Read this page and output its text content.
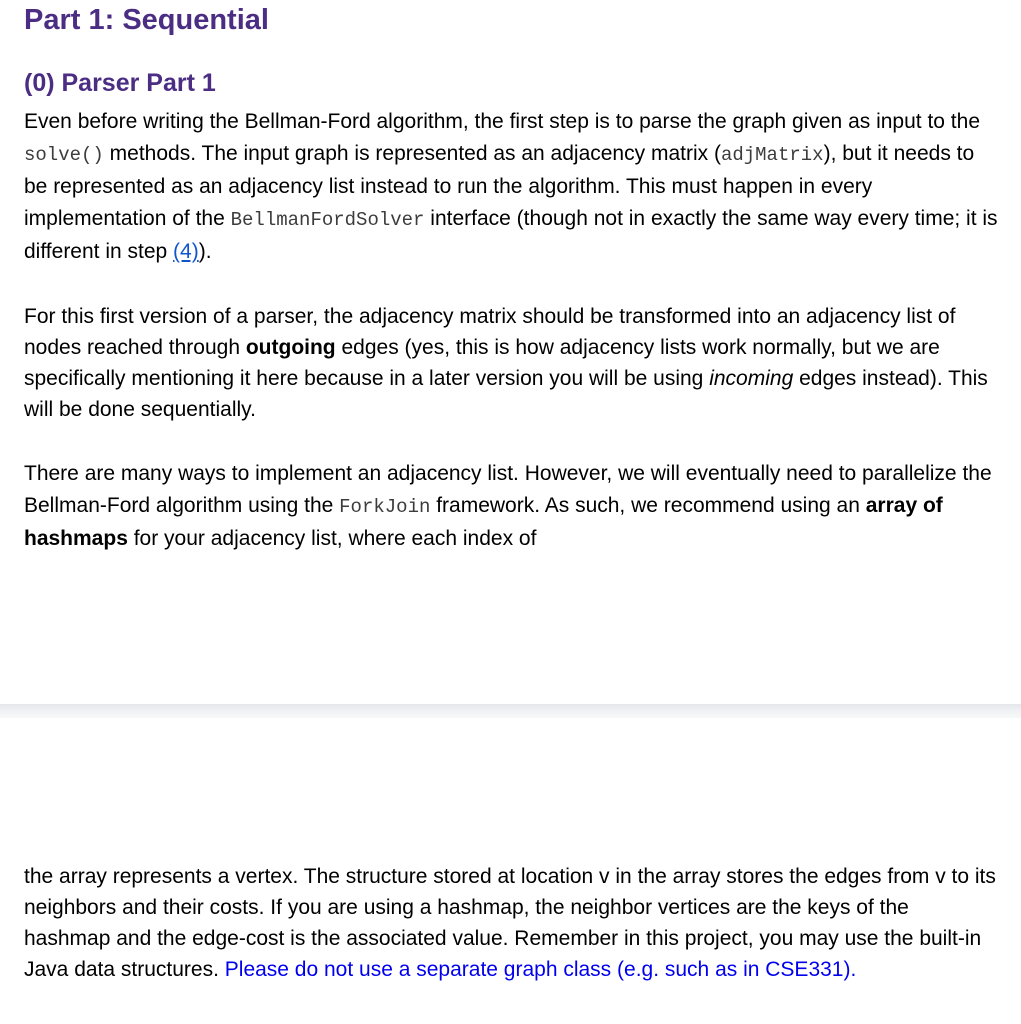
Part 1: Sequential
(0) Parser Part 1

Even before writing the Bellman-Ford algorithm, the first step is to parse the graph given as input to the solve() methods. The input graph is represented as an adjacency matrix (adjMatrix), but it needs to be represented as an adjacency list instead to run the algorithm. This must happen in every implementation of the BellmanFordSolver interface (though not in exactly the same way every time; it is different in step (4)).

For this first version of a parser, the adjacency matrix should be transformed into an adjacency list of nodes reached through outgoing edges (yes, this is how adjacency lists work normally, but we are specifically mentioning it here because in a later version you will be using incoming edges instead). This will be done sequentially.

There are many ways to implement an adjacency list. However, we will eventually need to parallelize the Bellman-Ford algorithm using the ForkJoin framework. As such, we recommend using an array of hashmaps for your adjacency list, where each index of

the array represents a vertex. The structure stored at location v in the array stores the edges from v to its neighbors and their costs. If you are using a hashmap, the neighbor vertices are the keys of the hashmap and the edge-cost is the associated value. Remember in this project, you may use the built-in Java data structures. Please do not use a separate graph class (e.g. such as in CSE331).
